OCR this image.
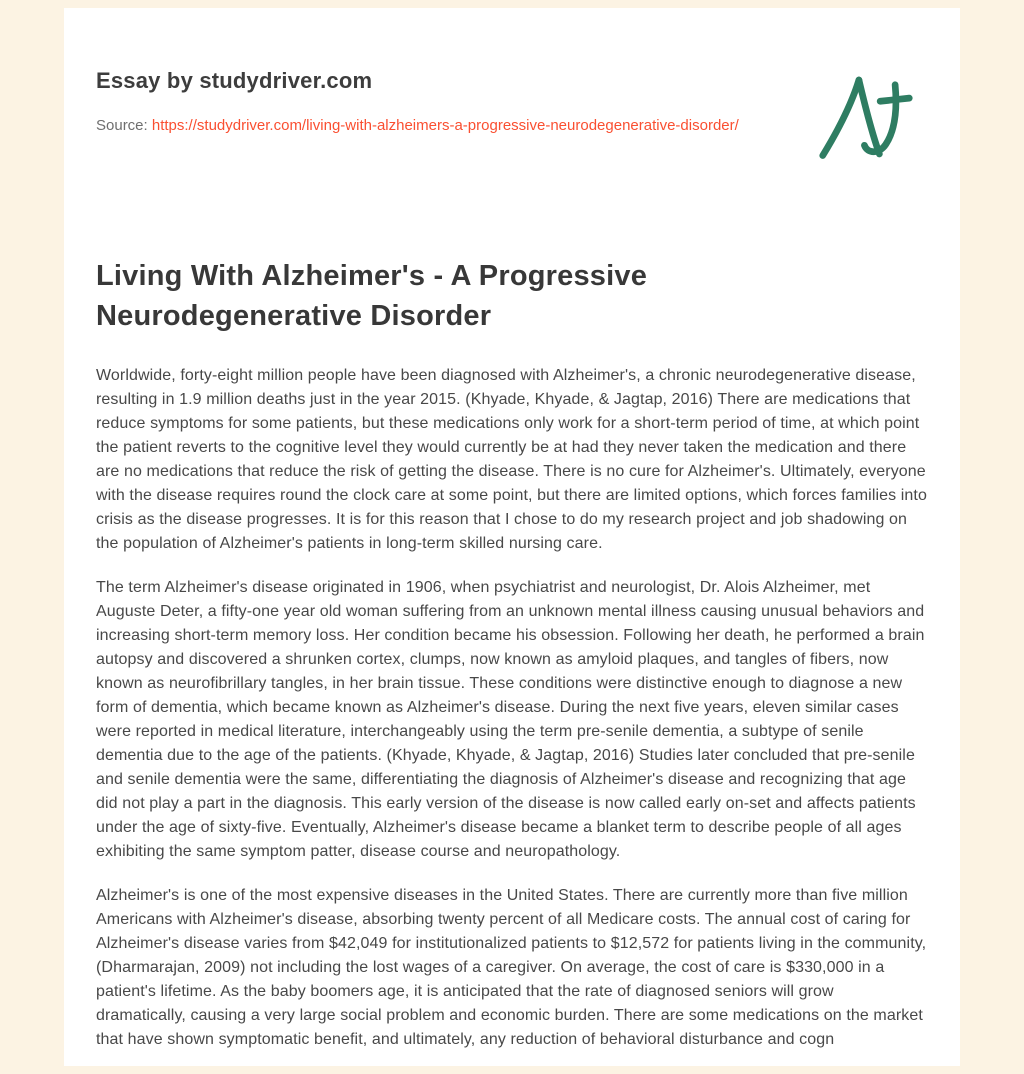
Essay by studydriver.com

Source: https://studydriver.com/living-with-alzheimers-a-progressive-neurodegenerative-disorder/

Living With Alzheimer's - A Progressive
Neurodegenerative Disorder

Worldwide, forty-eight million people have been diagnosed with Alzheimer's, a chronic neurodegenerative disease, resulting in 1.9 million deaths just in the year 2015. (Khyade, Khyade, & Jagtap, 2016) There are medications that reduce symptoms for some patients, but these medications only work for a short-term period of time, at which point the patient reverts to the cognitive level they would currently be at had they never taken the medication and there are no medications that reduce the risk of getting the disease. There is no cure for Alzheimer's. Ultimately, everyone with the disease requires round the clock care at some point, but there are limited options, which forces families into crisis as the disease progresses. It is for this reason that I chose to do my research project and job shadowing on the population of Alzheimer's patients in long-term skilled nursing care.

The term Alzheimer's disease originated in 1906, when psychiatrist and neurologist, Dr. Alois Alzheimer, met Auguste Deter, a fifty-one year old woman suffering from an unknown mental illness causing unusual behaviors and increasing short-term memory loss. Her condition became his obsession. Following her death, he performed a brain autopsy and discovered a shrunken cortex, clumps, now known as amyloid plaques, and tangles of fibers, now known as neurofibrillary tangles, in her brain tissue. These conditions were distinctive enough to diagnose a new form of dementia, which became known as Alzheimer's disease. During the next five years, eleven similar cases were reported in medical literature, interchangeably using the term pre-senile dementia, a subtype of senile dementia due to the age of the patients. (Khyade, Khyade, & Jagtap, 2016) Studies later concluded that pre-senile and senile dementia were the same, differentiating the diagnosis of Alzheimer's disease and recognizing that age did not play a part in the diagnosis. This early version of the disease is now called early on-set and affects patients under the age of sixty-five. Eventually, Alzheimer's disease became a blanket term to describe people of all ages exhibiting the same symptom patter, disease course and neuropathology.

Alzheimer's is one of the most expensive diseases in the United States. There are currently more than five million Americans with Alzheimer's disease, absorbing twenty percent of all Medicare costs. The annual cost of caring for Alzheimer's disease varies from $42,049 for institutionalized patients to $12,572 for patients living in the community, (Dharmarajan, 2009) not including the lost wages of a caregiver. On average, the cost of care is $330,000 in a patient's lifetime. As the baby boomers age, it is anticipated that the rate of diagnosed seniors will grow dramatically, causing a very large social problem and economic burden. There are some medications on the market that have shown symptomatic benefit, and ultimately, any reduction of behavioral disturbance and cogn
